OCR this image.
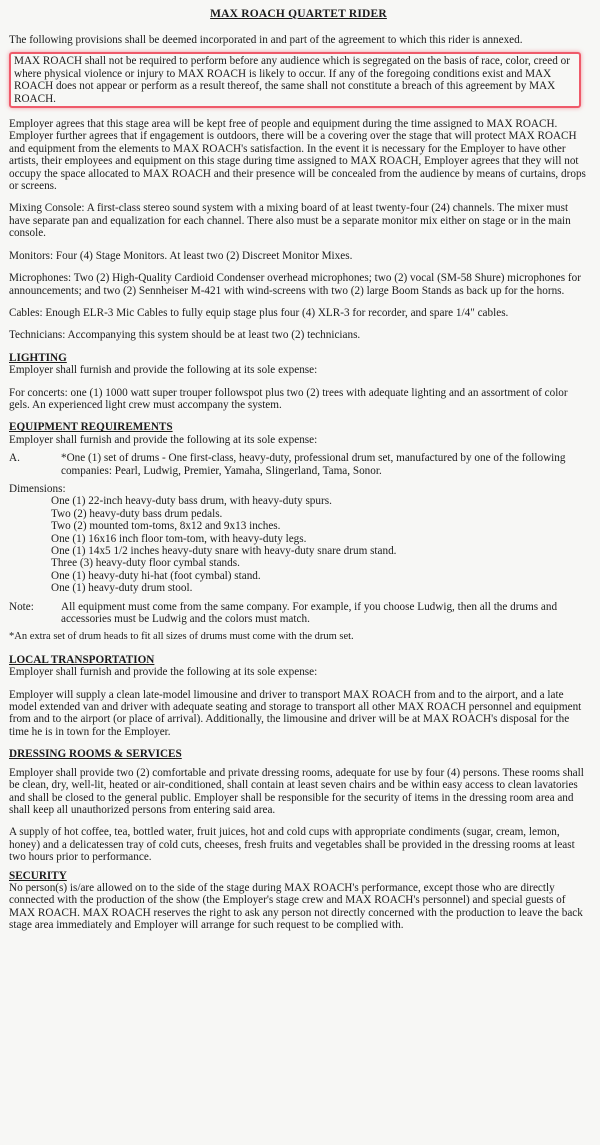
MAX ROACH QUARTET RIDER

The following provisions shall be deemed incorporated in and part of the agreement to which this rider is annexed.

MAX ROACH shall not be required to perform before any audience which is segregated on the basis of race, color, creed or where physical violence or injury to MAX ROACH is likely to occur. If any of the foregoing conditions exist and MAX ROACH does not appear or perform as a result thereof, the same shall not constitute a breach of this agreement by MAX ROACH.

Employer agrees that this stage area will be kept free of people and equipment during the time assigned to MAX ROACH. Employer further agrees that if engagement is outdoors, there will be a covering over the stage that will protect MAX ROACH and equipment from the elements to MAX ROACH's satisfaction. In the event it is necessary for the Employer to have other artists, their employees and equipment on this stage during time assigned to MAX ROACH, Employer agrees that they will not occupy the space allocated to MAX ROACH and their presence will be concealed from the audience by means of curtains, drops or screens.

Mixing Console: A first-class stereo sound system with a mixing board of at least twenty-four (24) channels. The mixer must have separate pan and equalization for each channel. There also must be a separate monitor mix either on stage or in the main console.

Monitors: Four (4) Stage Monitors. At least two (2) Discreet Monitor Mixes.

Microphones: Two (2) High-Quality Cardioid Condenser overhead microphones; two (2) vocal (SM-58 Shure) microphones for announcements; and two (2) Sennheiser M-421 with wind-screens with two (2) large Boom Stands as back up for the horns.

Cables: Enough ELR-3 Mic Cables to fully equip stage plus four (4) XLR-3 for recorder, and spare 1/4" cables.

Technicians: Accompanying this system should be at least two (2) technicians.

LIGHTING

Employer shall furnish and provide the following at its sole expense:

For concerts: one (1) 1000 watt super trouper followspot plus two (2) trees with adequate lighting and an assortment of color gels. An experienced light crew must accompany the system.

EQUIPMENT REQUIREMENTS

Employer shall furnish and provide the following at its sole expense:

A.	*One (1) set of drums - One first-class, heavy-duty, professional drum set, manufactured by one of the following companies: Pearl, Ludwig, Premier, Yamaha, Slingerland, Tama, Sonor.

Dimensions:

One (1) 22-inch heavy-duty bass drum, with heavy-duty spurs.
Two (2) heavy-duty bass drum pedals.
Two (2) mounted tom-toms, 8x12 and 9x13 inches.
One (1) 16x16 inch floor tom-tom, with heavy-duty legs.
One (1) 14x5 1/2 inches heavy-duty snare with heavy-duty snare drum stand.
Three (3) heavy-duty floor cymbal stands.
One (1) heavy-duty hi-hat (foot cymbal) stand.
One (1) heavy-duty drum stool.
Note:	All equipment must come from the same company. For example, if you choose Ludwig, then all the drums and accessories must be Ludwig and the colors must match.

*An extra set of drum heads to fit all sizes of drums must come with the drum set.

LOCAL TRANSPORTATION

Employer shall furnish and provide the following at its sole expense:

Employer will supply a clean late-model limousine and driver to transport MAX ROACH from and to the airport, and a late model extended van and driver with adequate seating and storage to transport all other MAX ROACH personnel and equipment from and to the airport (or place of arrival). Additionally, the limousine and driver will be at MAX ROACH's disposal for the time he is in town for the Employer.

DRESSING ROOMS & SERVICES

Employer shall provide two (2) comfortable and private dressing rooms, adequate for use by four (4) persons. These rooms shall be clean, dry, well-lit, heated or air-conditioned, shall contain at least seven chairs and be within easy access to clean lavatories and shall be closed to the general public. Employer shall be responsible for the security of items in the dressing room area and shall keep all unauthorized persons from entering said area.

A supply of hot coffee, tea, bottled water, fruit juices, hot and cold cups with appropriate condiments (sugar, cream, lemon, honey) and a delicatessen tray of cold cuts, cheeses, fresh fruits and vegetables shall be provided in the dressing rooms at least two hours prior to performance.

SECURITY

No person(s) is/are allowed on to the side of the stage during MAX ROACH's performance, except those who are directly connected with the production of the show (the Employer's stage crew and MAX ROACH's personnel) and special guests of MAX ROACH. MAX ROACH reserves the right to ask any person not directly concerned with the production to leave the back stage area immediately and Employer will arrange for such request to be complied with.
